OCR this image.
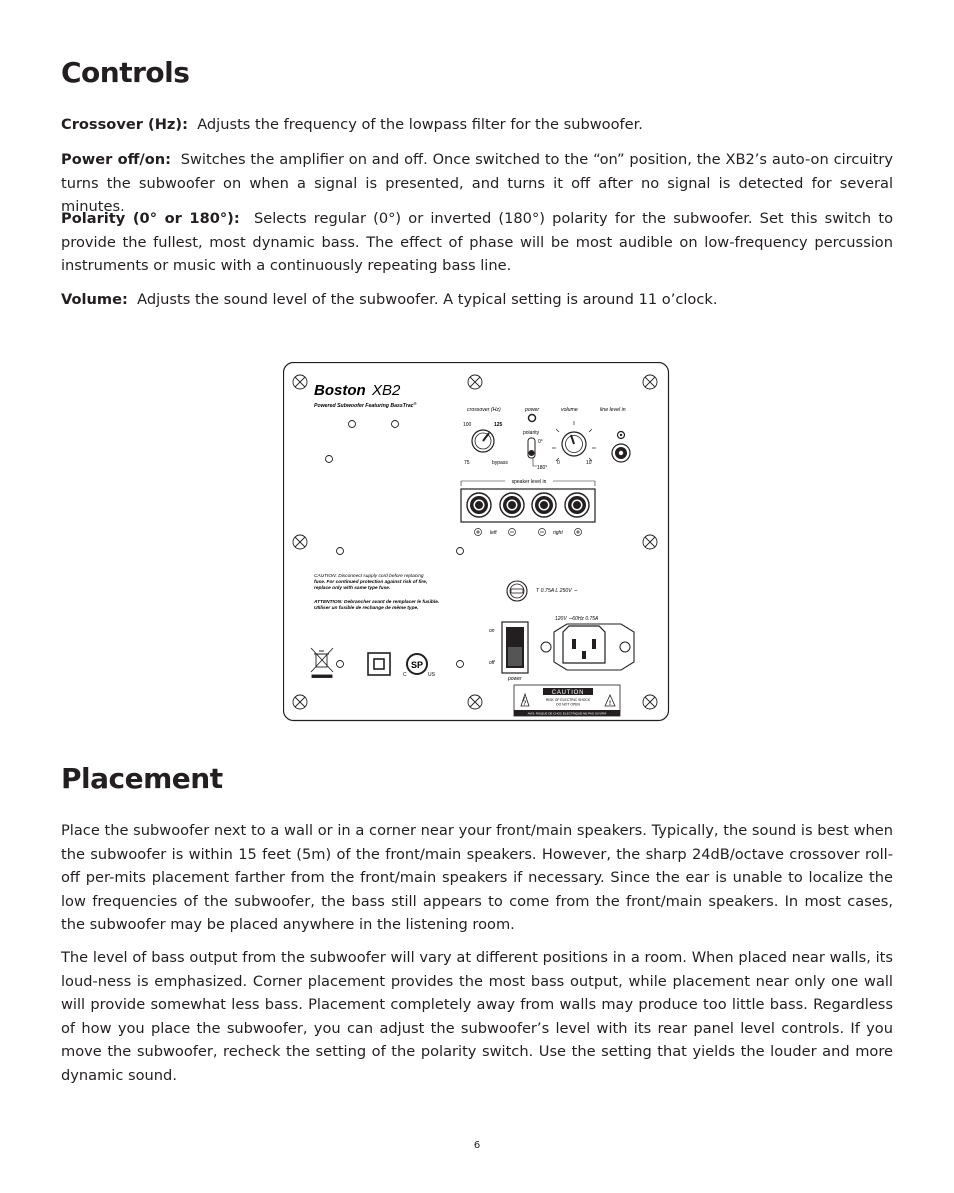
Controls

Crossover (Hz): Adjusts the frequency of the lowpass filter for the subwoofer.

Power off/on: Switches the amplifier on and off. Once switched to the “on” position, the XB2’s auto-on circuitry turns the subwoofer on when a signal is presented, and turns it off after no signal is detected for several minutes.

Polarity (0° or 180°): Selects regular (0°) or inverted (180°) polarity for the subwoofer. Set this switch to provide the fullest, most dynamic bass. The effect of phase will be most audible on low-frequency percussion instruments or music with a continuously repeating bass line.

Volume: Adjusts the sound level of the subwoofer. A typical setting is around 11 o’clock.

Boston XB2
Powered Subwoofer Featuring BassTrac®
crossover (Hz)
100	125
75	bypass
power
polarity
0°
180°
volume
0	10
line level in
speaker level in
left	right
CAUTION: Disconnect supply cord before replacing fuse. For continued protection against risk of fire, replace only with same type fuse.
ATTENTION: Debrancher avant de remplacer le fusible. Utiliser un fusible de rechange de même type.
T 0.75A L 250V ∼
120V ∼60Hz 0.75A
on
off
power
SP
C	US
CAUTION
RISK OF ELECTRIC SHOCK
DO NOT OPEN	!
AVIS: RISQUE DE CHOC ELECTRIQUE-NE PAS OUVRIR
Placement

Place the subwoofer next to a wall or in a corner near your front/main speakers. Typically, the sound is best when the subwoofer is within 15 feet (5m) of the front/main speakers. However, the sharp 24dB/octave crossover roll-off per-mits placement farther from the front/main speakers if necessary. Since the ear is unable to localize the low frequencies of the subwoofer, the bass still appears to come from the front/main speakers. In most cases, the subwoofer may be placed anywhere in the listening room.

The level of bass output from the subwoofer will vary at different positions in a room. When placed near walls, its loud-ness is emphasized. Corner placement provides the most bass output, while placement near only one wall will provide somewhat less bass. Placement completely away from walls may produce too little bass. Regardless of how you place the subwoofer, you can adjust the subwoofer’s level with its rear panel level controls. If you move the subwoofer, recheck the setting of the polarity switch. Use the setting that yields the louder and more dynamic sound.

6
